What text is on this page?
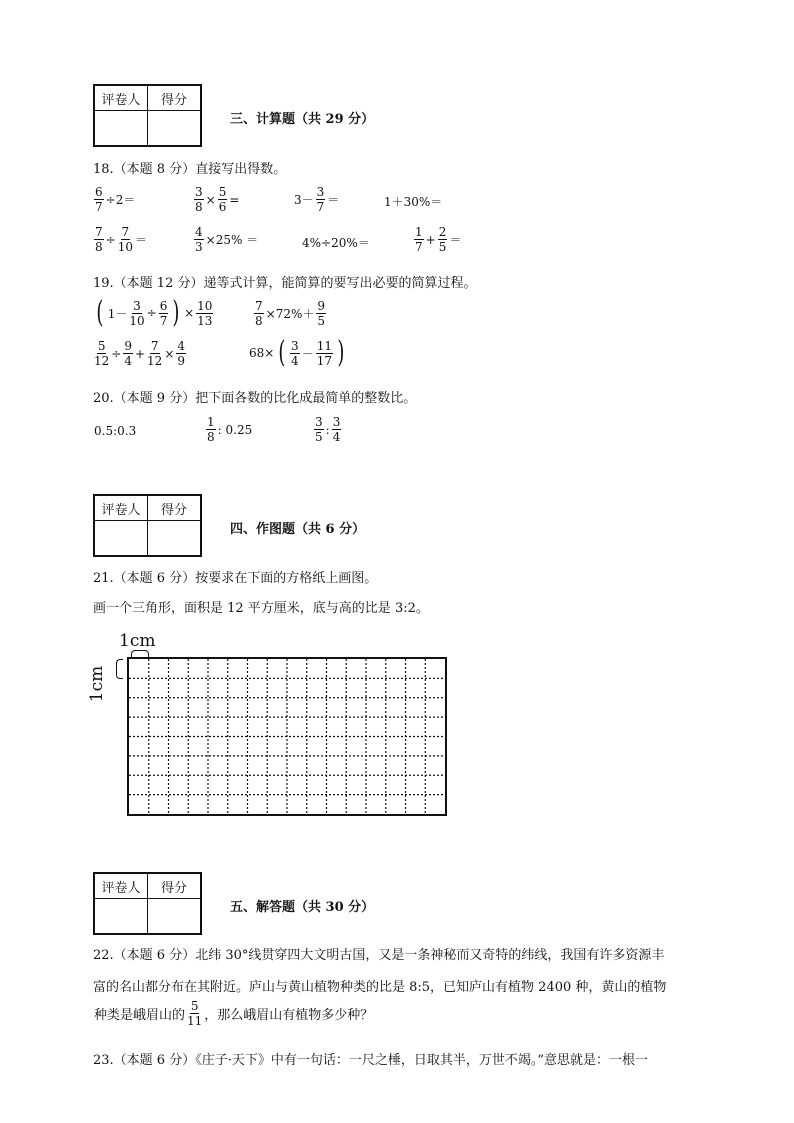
评卷人	得分

三、计算题（共 29 分）
18.（本题 8 分）直接写出得数。
$\frac{6}{7} \div 2=$	$\frac{3}{8} \times \frac{5}{6}$ =	$3- \frac{3}{7}$ ＝	1＋30%＝
$\frac{7}{8} \div \frac{7}{10}$ ＝	$\frac{4}{3} \times 25\%$ ＝	4%÷20%＝	$\frac{1}{7} + \frac{2}{5}$ ＝
19.（本题 12 分）递等式计算，能简算的要写出必要的简算过程。
( $1- \frac{3}{10} \div \frac{6}{7}$ ) × $\frac{10}{13}$	$\frac{7}{8} \times 72\%+ \frac{9}{5}$
$\frac{5}{12} \div \frac{9}{4} + \frac{7}{12} \times \frac{4}{9}$	68× ( $\frac{3}{4} - \frac{11}{17}$ )
20.（本题 9 分）把下面各数的比化成最简单的整数比。
0.5:0.3	$\frac{1}{8}$ : 0.25	$\frac{3}{5}$ : $\frac{3}{4}$
评卷人	得分

四、作图题（共 6 分）
21.（本题 6 分）按要求在下面的方格纸上画图。
画一个三角形，面积是 12 平方厘米，底与高的比是 3:2。
1cm
1cm
评卷人	得分

五、解答题（共 30 分）
22.（本题 6 分）北纬 30°线贯穿四大文明古国，又是一条神秘而又奇特的纬线，我国有许多资源丰
富的名山都分布在其附近。庐山与黄山植物种类的比是 8:5，已知庐山有植物 2400 种，黄山的植物
种类是峨眉山的 $\frac{5}{11}$ ，那么峨眉山有植物多少种？
23.（本题 6 分）《庄子·天下》中有一句话：一尺之棰，日取其半，万世不竭。”意思就是：一根一
